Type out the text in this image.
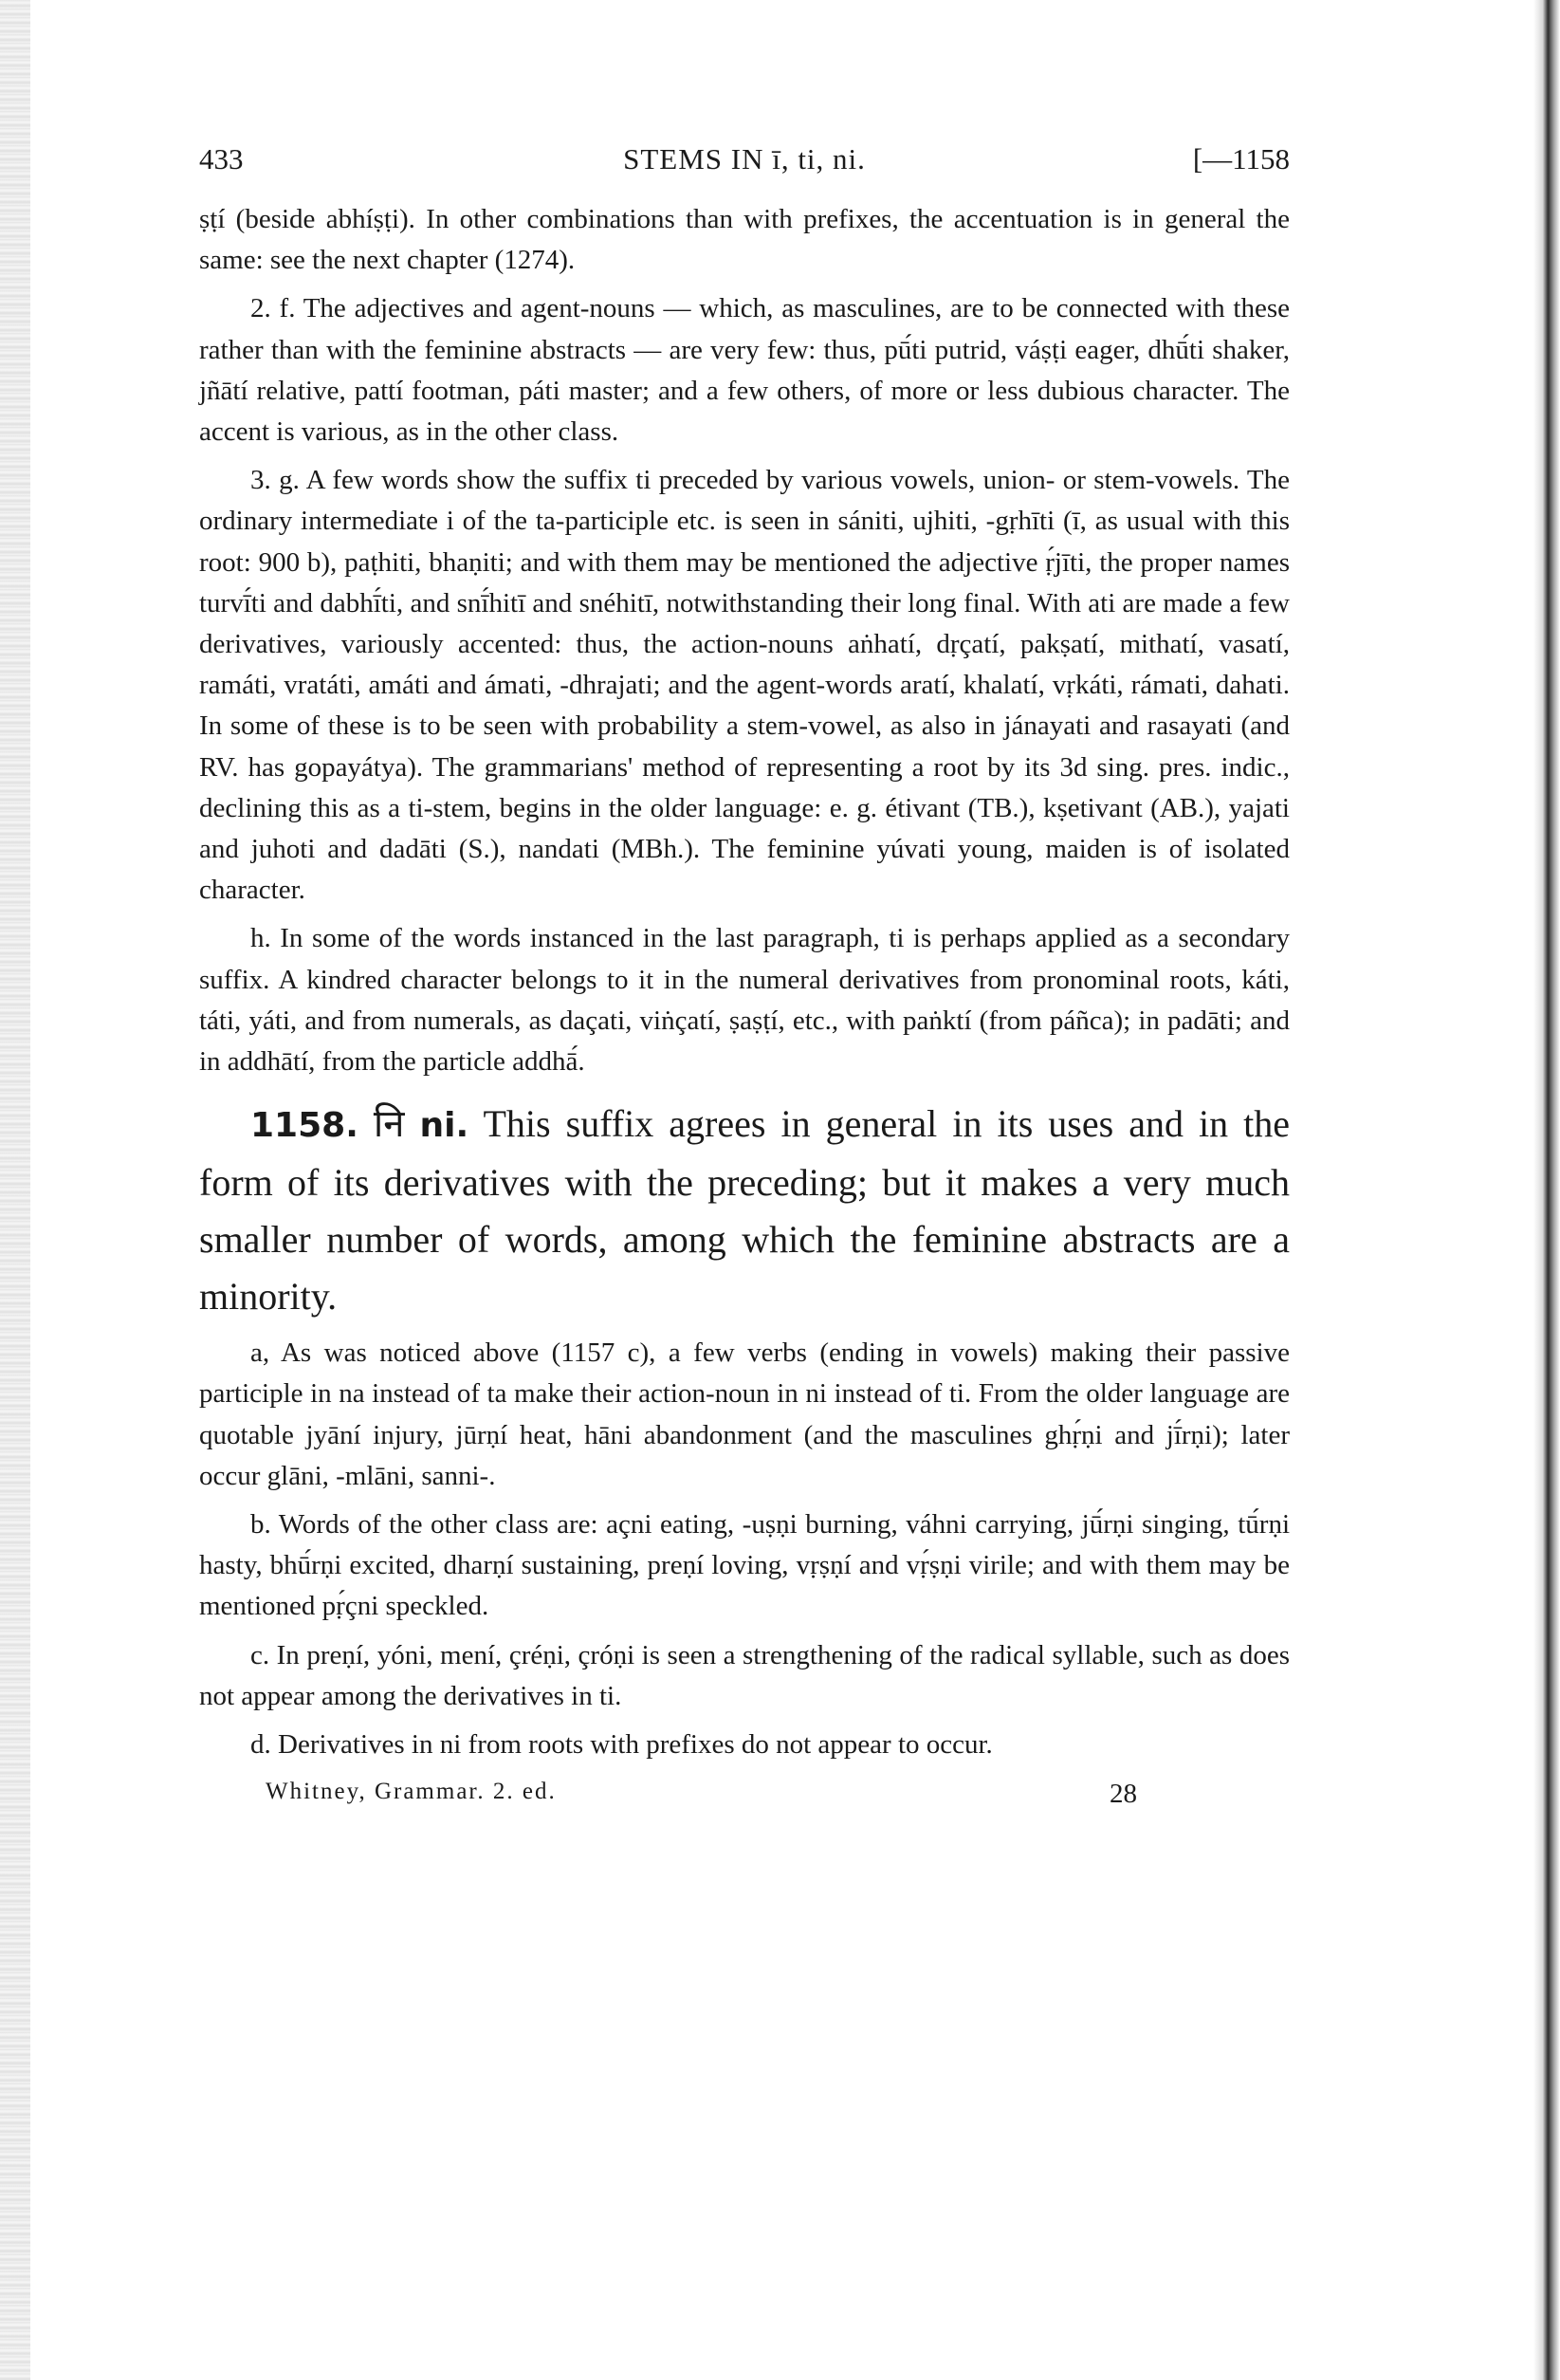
433	STEMS IN ī, ti, ni.	[—1158

ṣṭí (beside abhíṣṭi). In other combinations than with prefixes, the accentuation is in general the same: see the next chapter (1274).

2. f. The adjectives and agent-nouns — which, as masculines, are to be connected with these rather than with the feminine abstracts — are very few: thus, pū́ti putrid, váṣṭi eager, dhū́ti shaker, jñātí relative, pattí footman, páti master; and a few others, of more or less dubious character. The accent is various, as in the other class.

3. g. A few words show the suffix ti preceded by various vowels, union- or stem-vowels. The ordinary intermediate i of the ta-participle etc. is seen in sániti, ujhiti, -gṛhīti (ī, as usual with this root: 900 b), paṭhiti, bhaṇiti; and with them may be mentioned the adjective ṛ́jīti, the proper names turvī́ti and dabhī́ti, and snī́hitī and snéhitī, notwithstanding their long final. With ati are made a few derivatives, variously accented: thus, the action-nouns aṅhatí, dṛçatí, pakṣatí, mithatí, vasatí, ramáti, vratáti, amáti and ámati, -dhrajati; and the agent-words aratí, khalatí, vṛkáti, rámati, dahati. In some of these is to be seen with probability a stem-vowel, as also in jánayati and rasayati (and RV. has gopayátya). The grammarians' method of representing a root by its 3d sing. pres. indic., declining this as a ti-stem, begins in the older language: e. g. étivant (TB.), kṣetivant (AB.), yajati and juhoti and dadāti (S.), nandati (MBh.). The feminine yúvati young, maiden is of isolated character.

h. In some of the words instanced in the last paragraph, ti is perhaps applied as a secondary suffix. A kindred character belongs to it in the numeral derivatives from pronominal roots, káti, táti, yáti, and from numerals, as daçati, viṅçatí, ṣaṣṭí, etc., with paṅktí (from páñca); in padāti; and in addhātí, from the particle addhā́.

1158. नि ni. This suffix agrees in general in its uses and in the form of its derivatives with the preceding; but it makes a very much smaller number of words, among which the feminine abstracts are a minority.

a, As was noticed above (1157 c), a few verbs (ending in vowels) making their passive participle in na instead of ta make their action-noun in ni instead of ti. From the older language are quotable jyāní injury, jūrṇí heat, hāni abandonment (and the masculines ghṛ́ṇi and jī́rṇi); later occur glāni, -mlāni, sanni-.

b. Words of the other class are: açni eating, -uṣṇi burning, váhni carrying, jū́rṇi singing, tū́rṇi hasty, bhū́rṇi excited, dharṇí sustaining, preṇí loving, vṛṣṇí and vṛ́ṣṇi virile; and with them may be mentioned pṛ́çni speckled.

c. In preṇí, yóni, mení, çréṇi, çróṇi is seen a strengthening of the radical syllable, such as does not appear among the derivatives in ti.

d. Derivatives in ni from roots with prefixes do not appear to occur.

Whitney, Grammar. 2. ed.	28
